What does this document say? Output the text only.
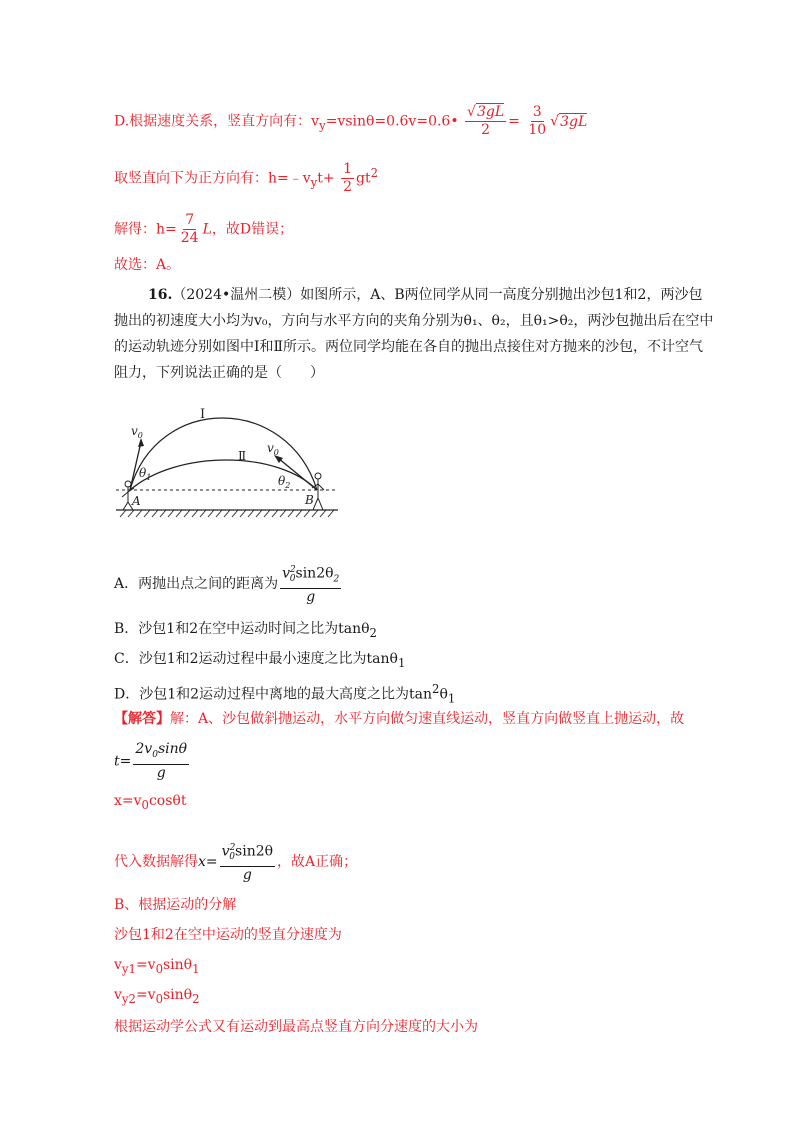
D.根据速度关系，竖直方向有：$v_y=vsin\theta=0.6v=0.6• \frac{√3gL}{2} = \frac{3}{10} √3gL$
取竖直向下为正方向有：$h=﹣v_yt+ \frac{1}{2} gt^2$
解得：$h= \frac{7}{24}$ L，故D错误；
故选：A。
16.（2024•温州二模）如图所示，A、B两位同学从同一高度分别抛出沙包1和2，两沙包抛出的初速度大小均为v₀，方向与水平方向的夹角分别为θ₁、θ₂，且θ₁>θ₂，两沙包抛出后在空中的运动轨迹分别如图中Ⅰ和Ⅱ所示。两位同学均能在各自的抛出点接住对方抛来的沙包，不计空气阻力，下列说法正确的是（　　）
I
Ⅱ
$v_0$
$v_0$
$\theta_1$	$\theta_2$
A	B
A．两抛出点之间的距离为 $\frac{v^2_0\sin 2\theta_2}{g}$
B．沙包1和2在空中运动时间之比为tanθ$_2$
C．沙包1和2运动过程中最小速度之比为tanθ$_1$
D．沙包1和2运动过程中离地的最大高度之比为$\tan^2\theta_1$
【解答】解：A、沙包做斜抛运动，水平方向做匀速直线运动，竖直方向做竖直上抛运动，故
$t= \frac{2v_0\sin\theta}{g}$
$x=v_0\cos\theta t$
代入数据解得$x= \frac{v^2_0\sin 2\theta}{g}$ ，故A正确；
B、根据运动的分解
沙包1和2在空中运动的竖直分速度为
$v_{y1}=v_0\sin\theta_1$
$v_{y2}=v_0\sin\theta_2$
根据运动学公式又有运动到最高点竖直方向分速度的大小为
